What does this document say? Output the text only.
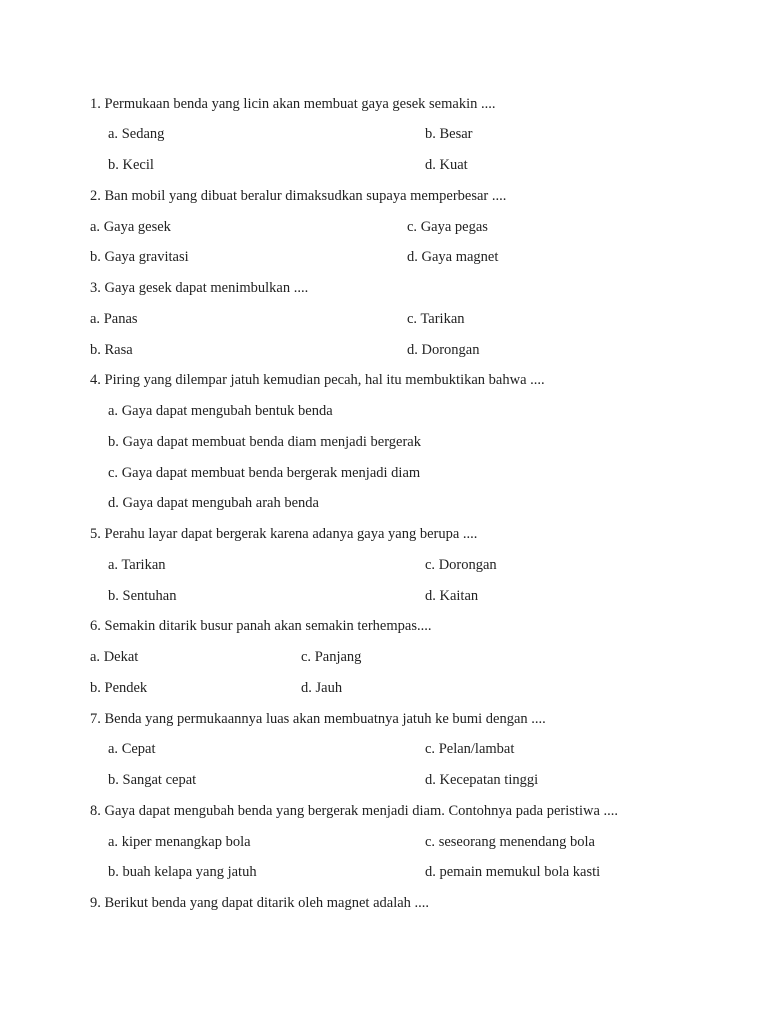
1. Permukaan benda yang licin akan membuat gaya gesek semakin ....
a. Sedang	b. Besar
b. Kecil	d. Kuat
2. Ban mobil yang dibuat beralur dimaksudkan supaya memperbesar ....
a. Gaya gesek	c. Gaya pegas
b. Gaya gravitasi	d. Gaya magnet
3. Gaya gesek dapat menimbulkan ....
a. Panas	c. Tarikan
b. Rasa	d. Dorongan
4. Piring yang dilempar jatuh kemudian pecah, hal itu membuktikan bahwa ....
a. Gaya dapat mengubah bentuk benda
b. Gaya dapat membuat benda diam menjadi bergerak
c. Gaya dapat membuat benda bergerak menjadi diam
d. Gaya dapat mengubah arah benda
5. Perahu layar dapat bergerak karena adanya gaya yang berupa ....
a. Tarikan	c. Dorongan
b. Sentuhan	d. Kaitan
6. Semakin ditarik busur panah akan semakin terhempas....
a. Dekat	c. Panjang
b. Pendek	d. Jauh
7. Benda yang permukaannya luas akan membuatnya jatuh ke bumi dengan ....
a. Cepat	c. Pelan/lambat
b. Sangat cepat	d. Kecepatan tinggi
8. Gaya dapat mengubah benda yang bergerak menjadi diam. Contohnya pada peristiwa ....
a. kiper menangkap bola	c. seseorang menendang bola
b. buah kelapa yang jatuh	d. pemain memukul bola kasti
9. Berikut benda yang dapat ditarik oleh magnet adalah ....
